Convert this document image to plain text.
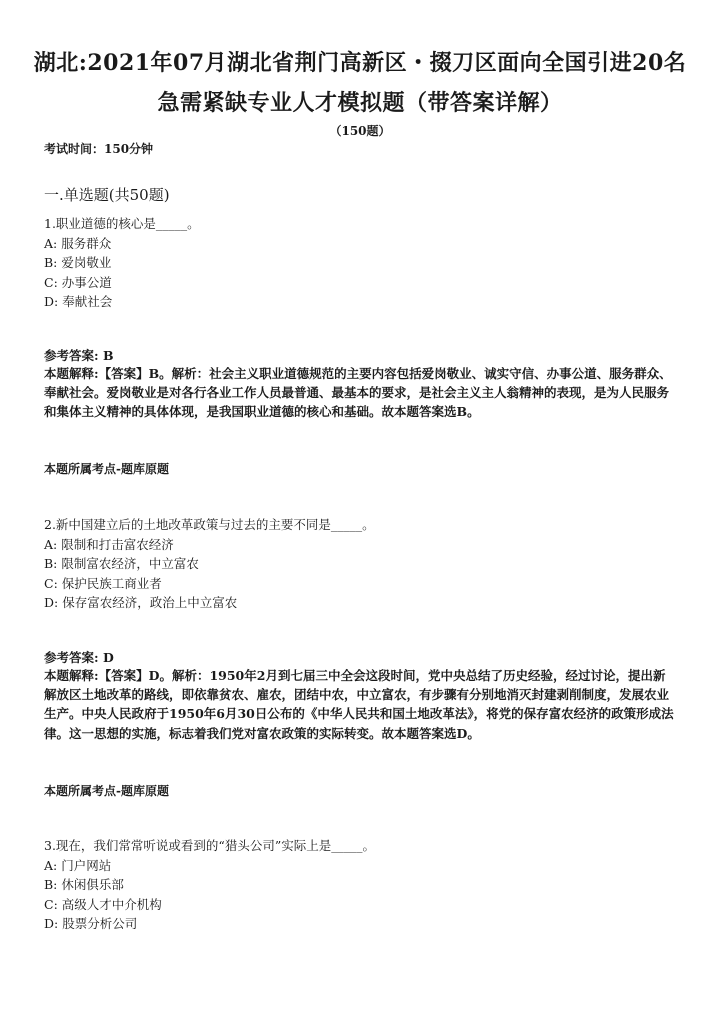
湖北:2021年07月湖北省荆门高新区・掇刀区面向全国引进20名
急需紧缺专业人才模拟题（带答案详解）
（150题）
考试时间：150分钟
一.单选题(共50题)
1.职业道德的核心是_____。
A: 服务群众
B: 爱岗敬业
C: 办事公道
D: 奉献社会
参考答案: B
本题解释:【答案】B。解析：社会主义职业道德规范的主要内容包括爱岗敬业、诚实守信、办事公道、服务群众、奉献社会。爱岗敬业是对各行各业工作人员最普通、最基本的要求，是社会主义主人翁精神的表现，是为人民服务和集体主义精神的具体体现，是我国职业道德的核心和基础。故本题答案选B。
本题所属考点-题库原题
2.新中国建立后的土地改革政策与过去的主要不同是_____。
A: 限制和打击富农经济
B: 限制富农经济，中立富农
C: 保护民族工商业者
D: 保存富农经济，政治上中立富农
参考答案: D
本题解释:【答案】D。解析：1950年2月到七届三中全会这段时间，党中央总结了历史经验，经过讨论，提出新解放区土地改革的路线，即依靠贫农、雇农，团结中农，中立富农，有步骤有分别地消灭封建剥削制度，发展农业生产。中央人民政府于1950年6月30日公布的《中华人民共和国土地改革法》，将党的保存富农经济的政策形成法律。这一思想的实施，标志着我们党对富农政策的实际转变。故本题答案选D。
本题所属考点-题库原题
3.现在，我们常常听说或看到的“猎头公司”实际上是_____。
A: 门户网站
B: 休闲俱乐部
C: 高级人才中介机构
D: 股票分析公司
